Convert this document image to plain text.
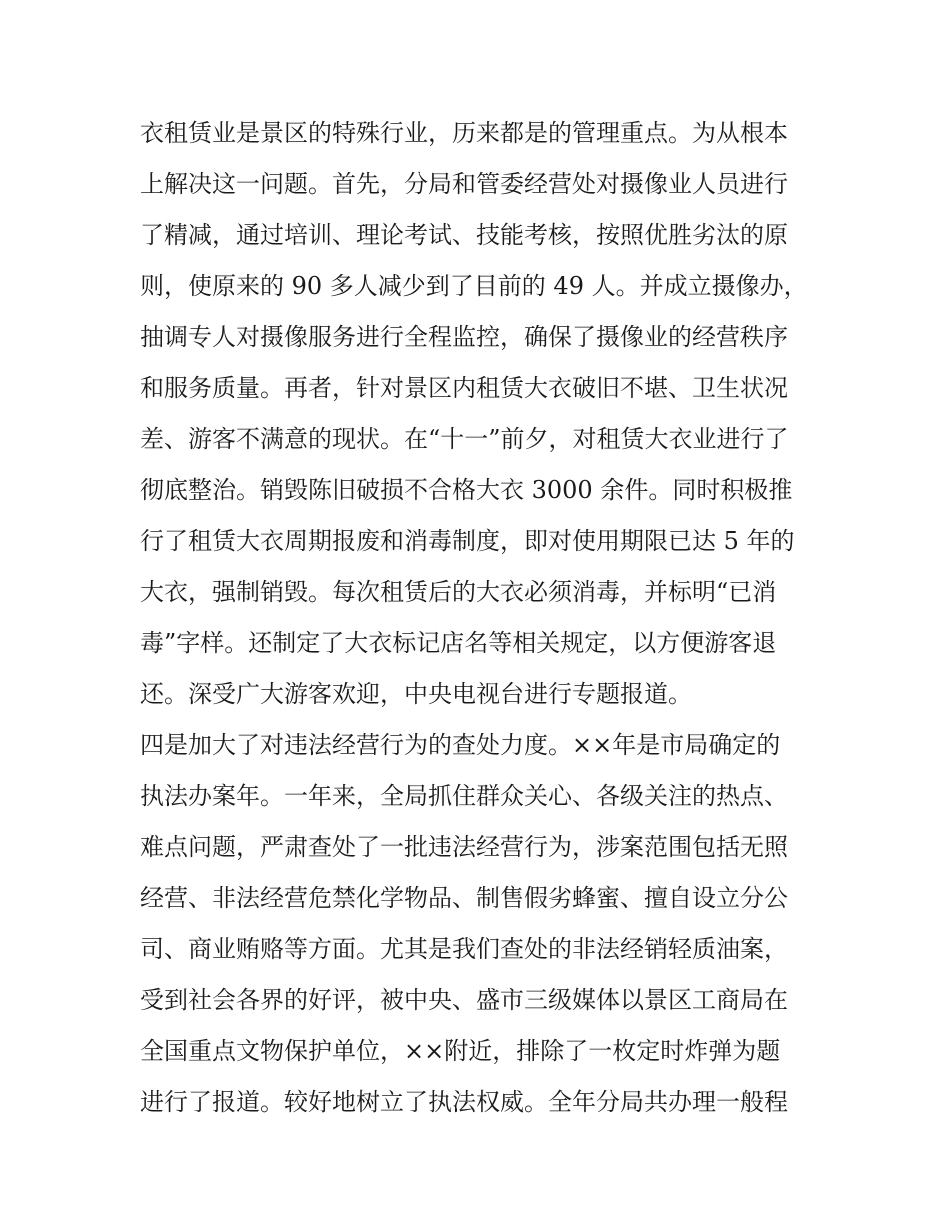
衣租赁业是景区的特殊行业，历来都是的管理重点。为从根本
上解决这一问题。首先，分局和管委经营处对摄像业人员进行
了精减，通过培训、理论考试、技能考核，按照优胜劣汰的原
则，使原来的 90 多人减少到了目前的 49 人。并成立摄像办，
抽调专人对摄像服务进行全程监控，确保了摄像业的经营秩序
和服务质量。再者，针对景区内租赁大衣破旧不堪、卫生状况
差、游客不满意的现状。在“十一”前夕，对租赁大衣业进行了
彻底整治。销毁陈旧破损不合格大衣 3000 余件。同时积极推
行了租赁大衣周期报废和消毒制度，即对使用期限已达 5 年的
大衣，强制销毁。每次租赁后的大衣必须消毒，并标明“已消
毒”字样。还制定了大衣标记店名等相关规定，以方便游客退
还。深受广大游客欢迎，中央电视台进行专题报道。
四是加大了对违法经营行为的查处力度。××年是市局确定的
执法办案年。一年来，全局抓住群众关心、各级关注的热点、
难点问题，严肃查处了一批违法经营行为，涉案范围包括无照
经营、非法经营危禁化学物品、制售假劣蜂蜜、擅自设立分公
司、商业贿赂等方面。尤其是我们查处的非法经销轻质油案，
受到社会各界的好评，被中央、盛市三级媒体以景区工商局在
全国重点文物保护单位，××附近，排除了一枚定时炸弹为题
进行了报道。较好地树立了执法权威。全年分局共办理一般程
